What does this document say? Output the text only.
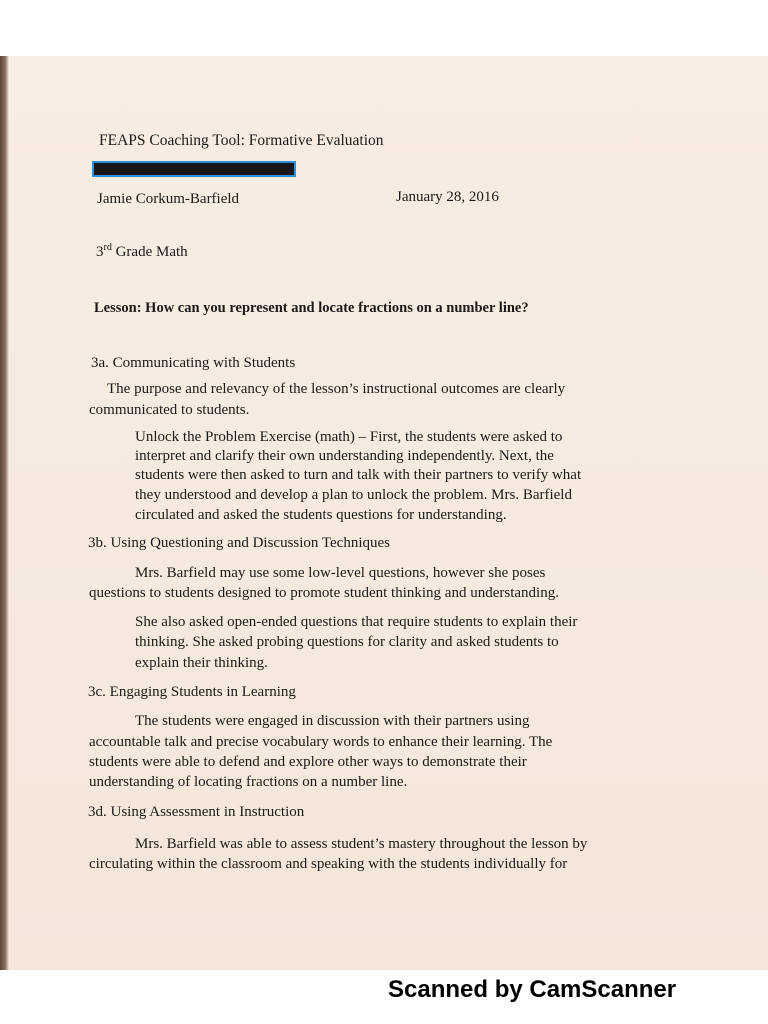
FEAPS Coaching Tool: Formative Evaluation
Jamie Corkum-Barfield	January 28, 2016
3rd Grade Math
Lesson: How can you represent and locate fractions on a number line?
3a. Communicating with Students
The purpose and relevancy of the lesson’s instructional outcomes are clearly
communicated to students.
Unlock the Problem Exercise (math) – First, the students were asked to
interpret and clarify their own understanding independently. Next, the
students were then asked to turn and talk with their partners to verify what
they understood and develop a plan to unlock the problem. Mrs. Barfield
circulated and asked the students questions for understanding.
3b. Using Questioning and Discussion Techniques
Mrs. Barfield may use some low-level questions, however she poses
questions to students designed to promote student thinking and understanding.
She also asked open-ended questions that require students to explain their
thinking. She asked probing questions for clarity and asked students to
explain their thinking.
3c. Engaging Students in Learning
The students were engaged in discussion with their partners using
accountable talk and precise vocabulary words to enhance their learning. The
students were able to defend and explore other ways to demonstrate their
understanding of locating fractions on a number line.
3d. Using Assessment in Instruction
Mrs. Barfield was able to assess student’s mastery throughout the lesson by
circulating within the classroom and speaking with the students individually for
Scanned by CamScanner
